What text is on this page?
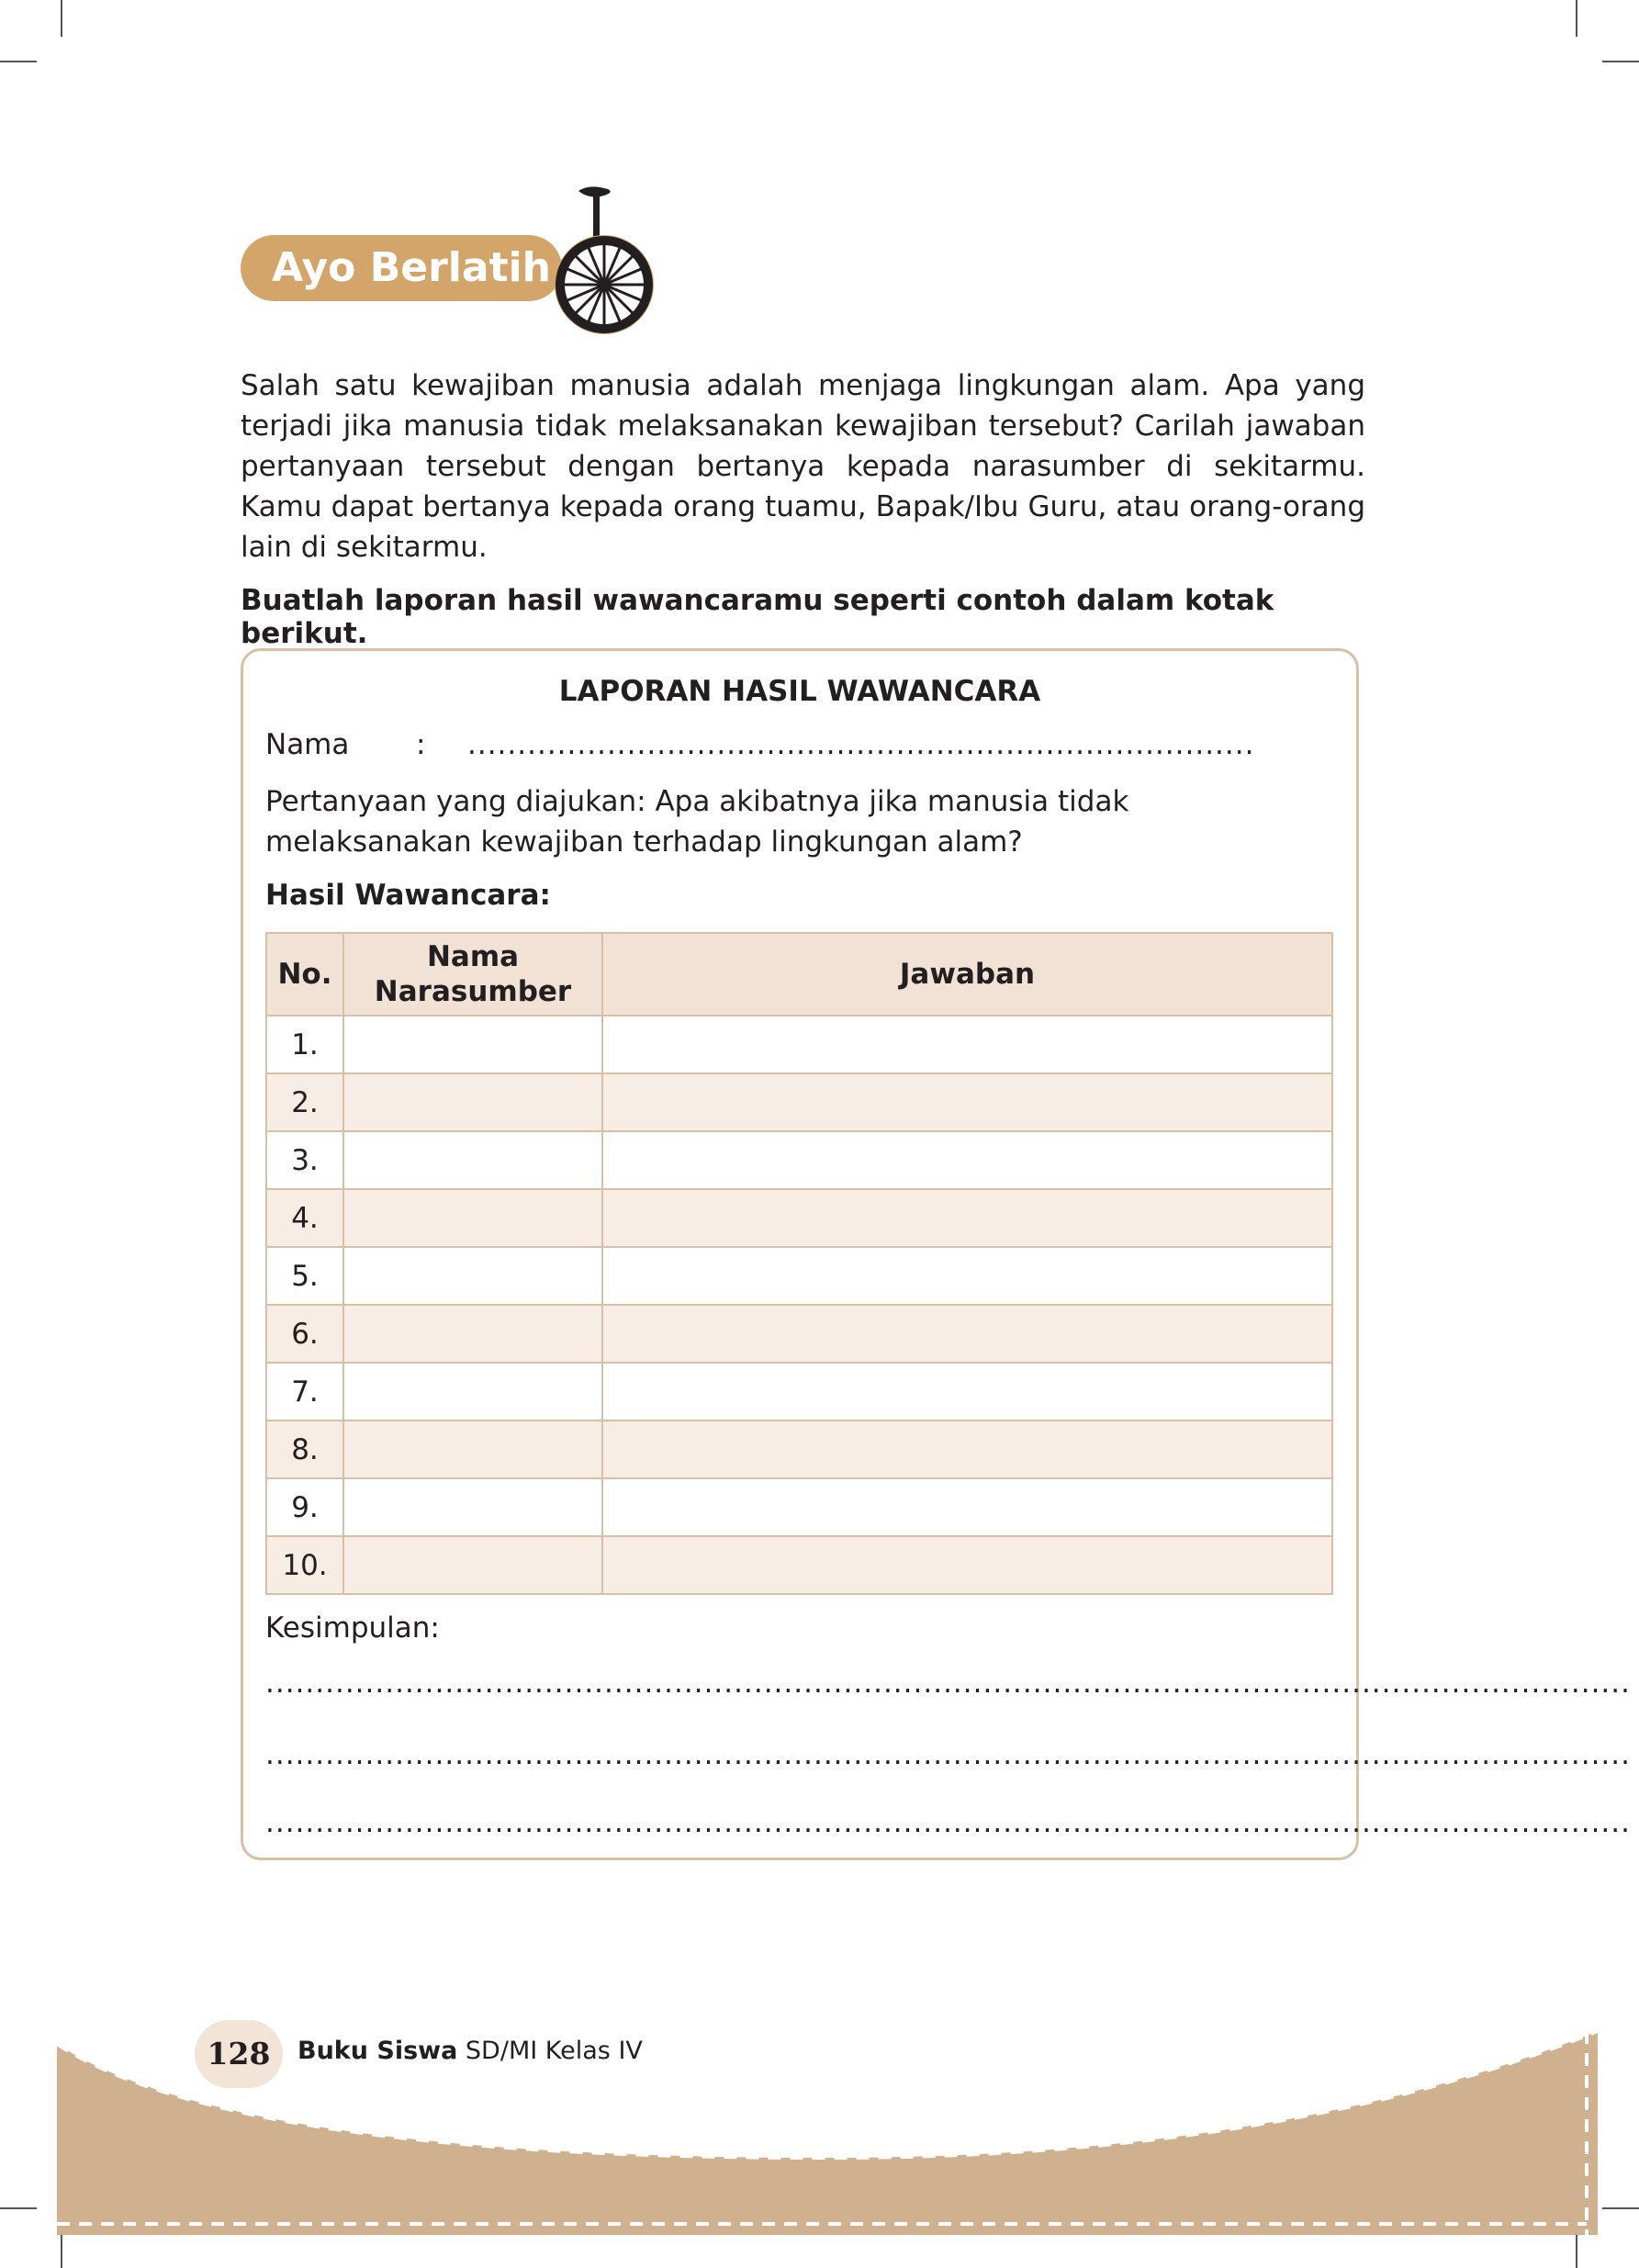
Ayo Berlatih

Salah satu kewajiban manusia adalah menjaga lingkungan alam. Apa yang terjadi jika manusia tidak melaksanakan kewajiban tersebut? Carilah jawaban pertanyaan tersebut dengan bertanya kepada narasumber di sekitarmu. Kamu dapat bertanya kepada orang tuamu, Bapak/Ibu Guru, atau orang-orang lain di sekitarmu.

Buatlah laporan hasil wawancaramu seperti contoh dalam kotak berikut.

LAPORAN HASIL WAWANCARA

Nama : ...............................................................................

Pertanyaan yang diajukan: Apa akibatnya jika manusia tidak melaksanakan kewajiban terhadap lingkungan alam?

Hasil Wawancara:

No.	Nama Narasumber	Jawaban
1.		
2.		
3.		
4.		
5.		
6.		
7.		
8.		
9.		
10.		

Kesimpulan:

.........................................................................................................................................
.........................................................................................................................................
.........................................................................................................................................
128	Buku Siswa SD/MI Kelas IV
